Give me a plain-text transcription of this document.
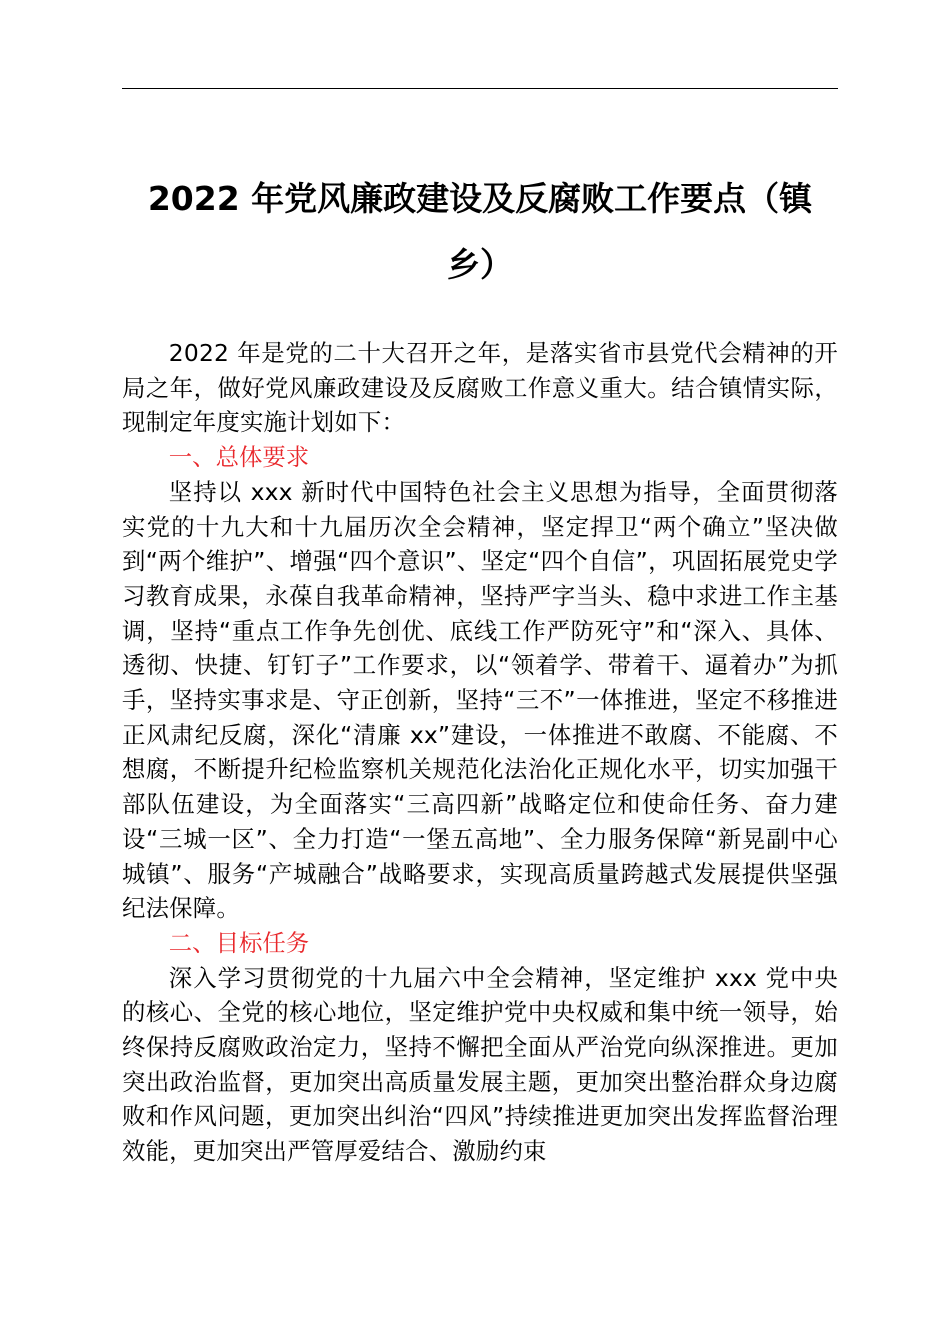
2022 年党风廉政建设及反腐败工作要点（镇
乡）

2022 年是党的二十大召开之年，是落实省市县党代会精神的开局之年，做好党风廉政建设及反腐败工作意义重大。结合镇情实际，现制定年度实施计划如下：

一、总体要求

坚持以 xxx 新时代中国特色社会主义思想为指导，全面贯彻落实党的十九大和十九届历次全会精神，坚定捍卫“两个确立”坚决做到“两个维护”、增强“四个意识”、坚定“四个自信”，巩固拓展党史学习教育成果，永葆自我革命精神，坚持严字当头、稳中求进工作主基调，坚持“重点工作争先创优、底线工作严防死守”和“深入、具体、透彻、快捷、钉钉子”工作要求，以“领着学、带着干、逼着办”为抓手，坚持实事求是、守正创新，坚持“三不”一体推进，坚定不移推进正风肃纪反腐，深化“清廉 xx”建设，一体推进不敢腐、不能腐、不想腐，不断提升纪检监察机关规范化法治化正规化水平，切实加强干部队伍建设，为全面落实“三高四新”战略定位和使命任务、奋力建设“三城一区”、全力打造“一堡五高地”、全力服务保障“新晃副中心城镇”、服务“产城融合”战略要求，实现高质量跨越式发展提供坚强纪法保障。

二、目标任务

深入学习贯彻党的十九届六中全会精神，坚定维护 xxx 党中央的核心、全党的核心地位，坚定维护党中央权威和集中统一领导，始终保持反腐败政治定力，坚持不懈把全面从严治党向纵深推进。更加突出政治监督，更加突出高质量发展主题，更加突出整治群众身边腐败和作风问题，更加突出纠治“四风”持续推进更加突出发挥监督治理效能，更加突出严管厚爱结合、激励约束
